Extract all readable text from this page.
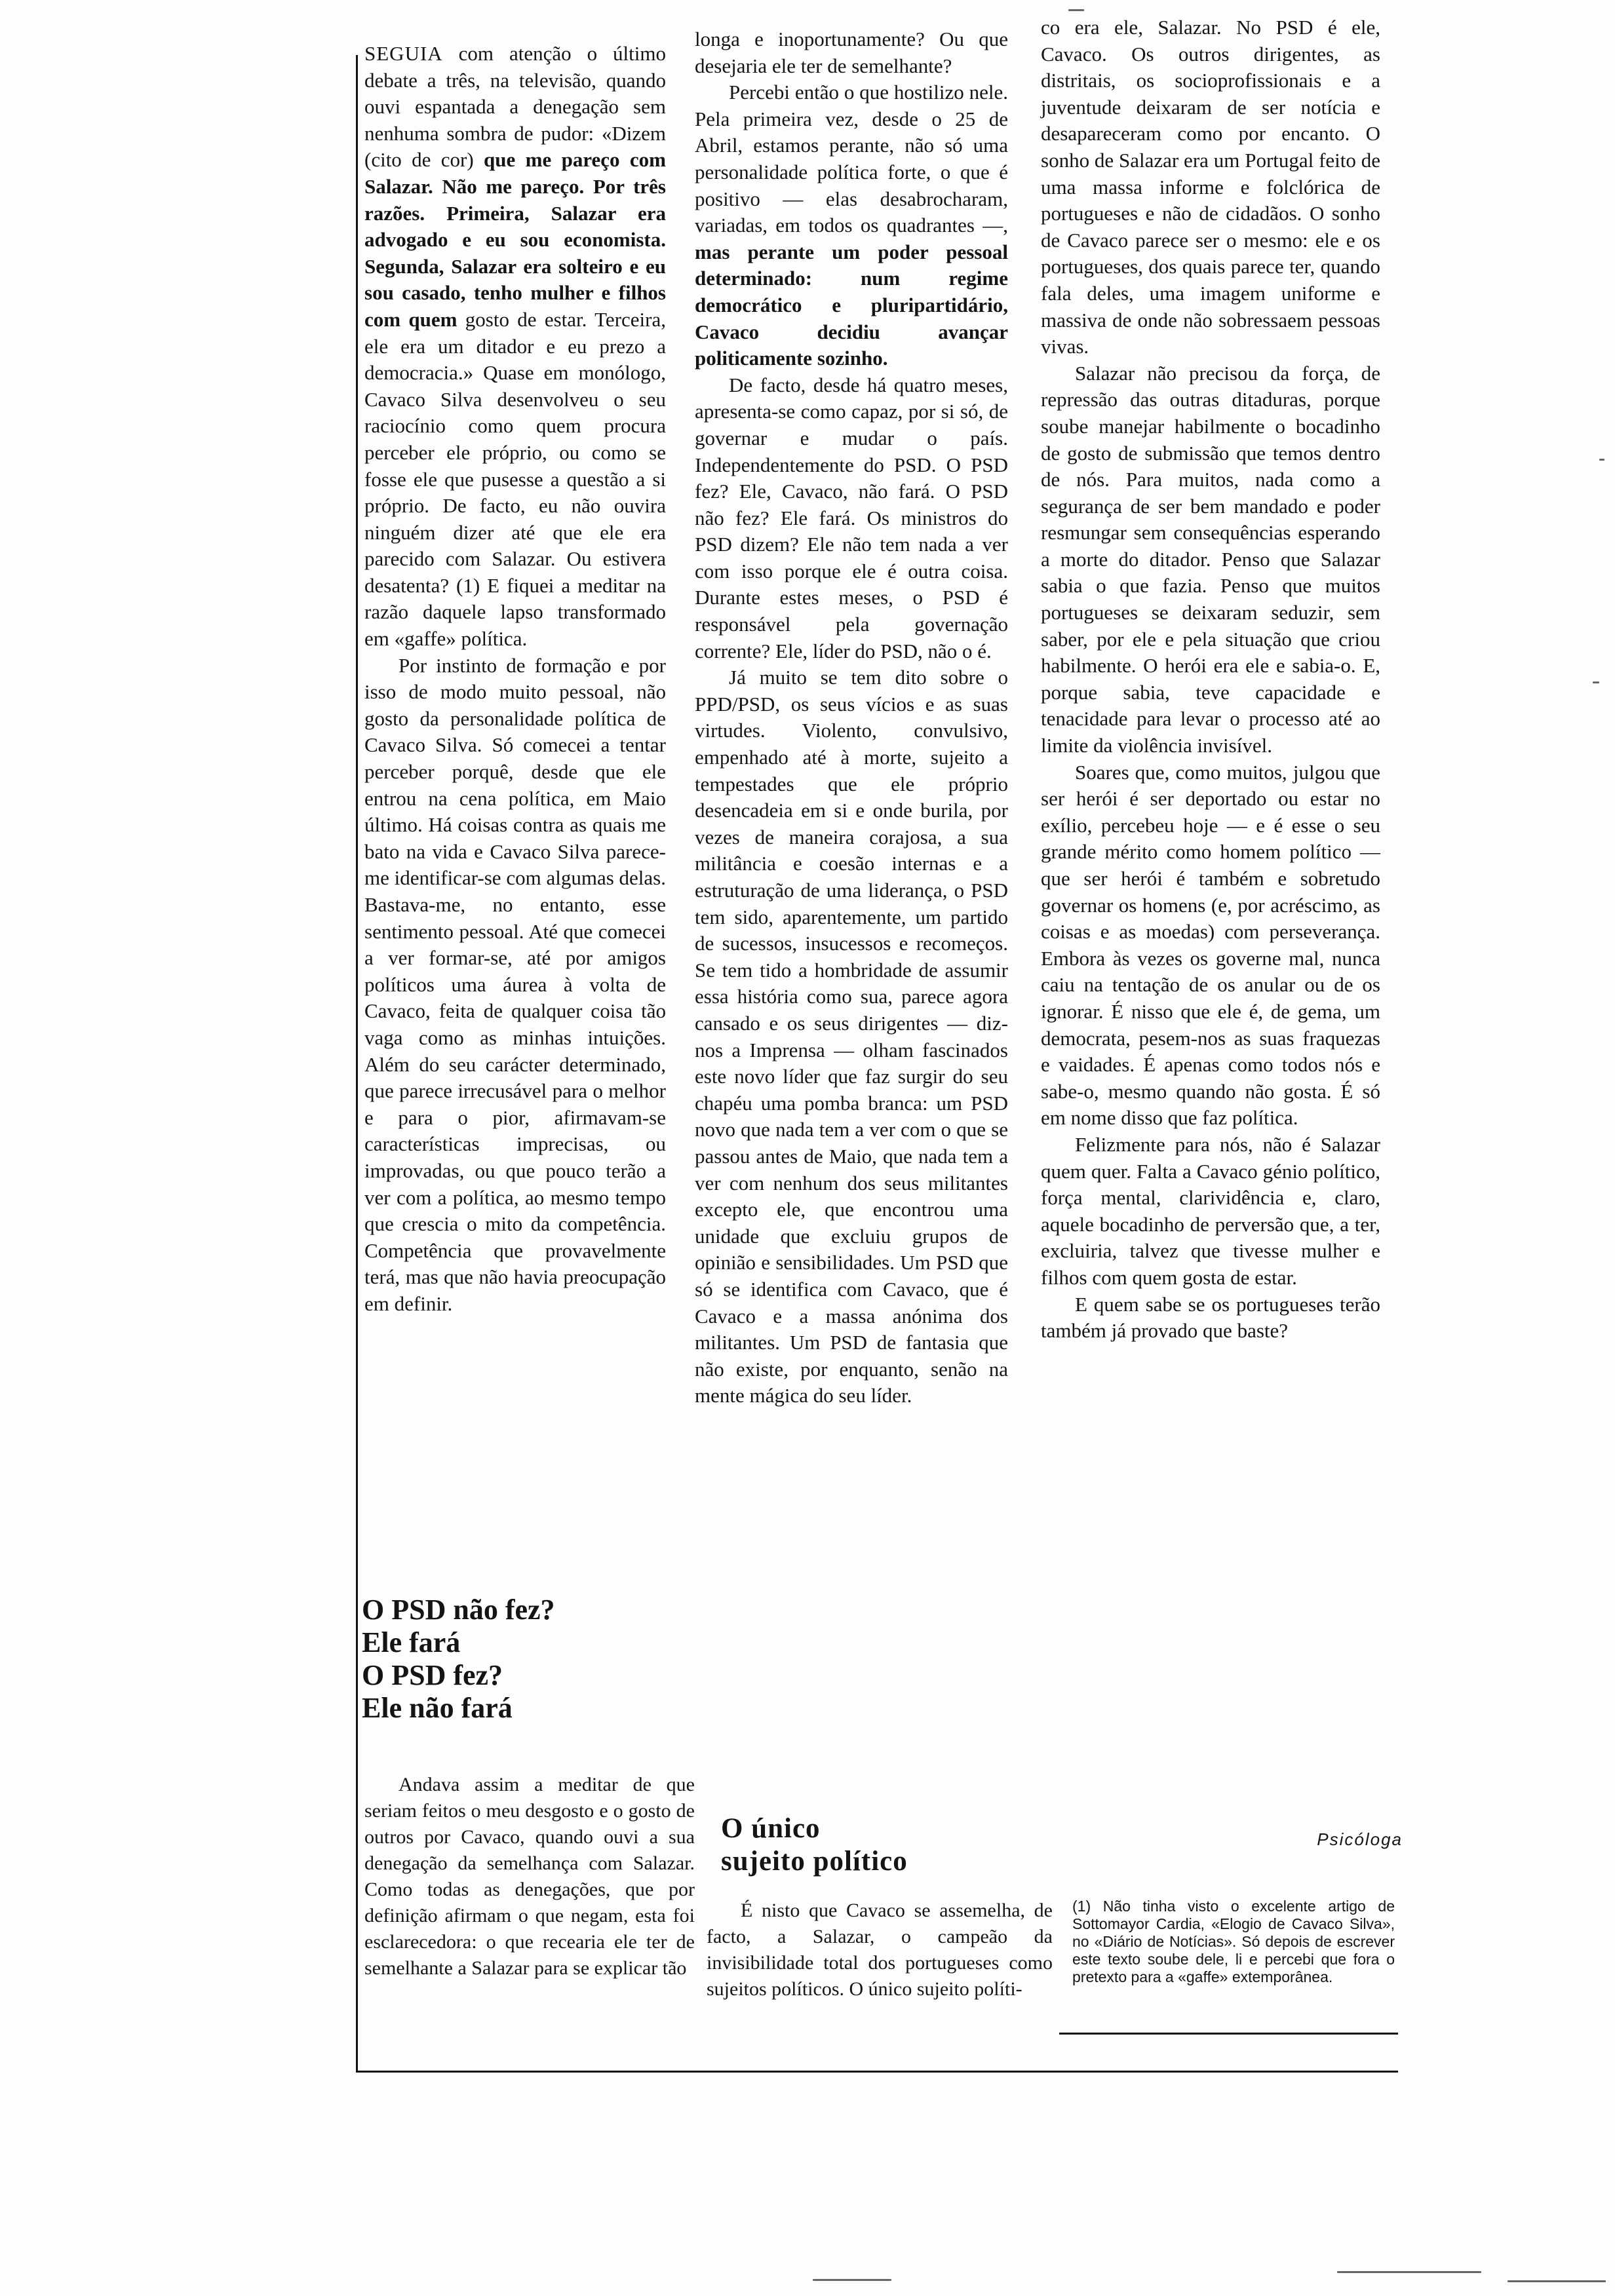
SEGUIA com atenção o último debate a três, na televisão, quando ouvi espantada a denegação sem nenhuma sombra de pudor: «Dizem (cito de cor) que me pareço com Salazar. Não me pareço. Por três razões. Primeira, Salazar era advogado e eu sou economista. Segunda, Salazar era solteiro e eu sou casado, tenho mulher e filhos com quem gosto de estar. Terceira, ele era um ditador e eu prezo a democracia.» Quase em monólogo, Cavaco Silva desenvolveu o seu raciocínio como quem procura perceber ele próprio, ou como se fosse ele que pusesse a questão a si próprio. De facto, eu não ouvira ninguém dizer até que ele era parecido com Salazar. Ou estivera desatenta? (1) E fiquei a meditar na razão daquele lapso transformado em «gaffe» política.

Por instinto de formação e por isso de modo muito pessoal, não gosto da personalidade política de Cavaco Silva. Só comecei a tentar perceber porquê, desde que ele entrou na cena política, em Maio último. Há coisas contra as quais me bato na vida e Cavaco Silva parece-me identificar-se com algumas delas. Bastava-me, no entanto, esse sentimento pessoal. Até que comecei a ver formar-se, até por amigos políticos uma áurea à volta de Cavaco, feita de qualquer coisa tão vaga como as minhas intuições. Além do seu carácter determinado, que parece irrecusável para o melhor e para o pior, afirmavam-se características imprecisas, ou improvadas, ou que pouco terão a ver com a política, ao mesmo tempo que crescia o mito da competência. Competência que provavelmente terá, mas que não havia preocupação em definir.

O PSD não fez?
Ele fará
O PSD fez?
Ele não fará

Andava assim a meditar de que seriam feitos o meu desgosto e o gosto de outros por Cavaco, quando ouvi a sua denegação da semelhança com Salazar. Como todas as denegações, que por definição afirmam o que negam, esta foi esclarecedora: o que recearia ele ter de semelhante a Salazar para se explicar tão

longa e inoportunamente? Ou que desejaria ele ter de semelhante?

Percebi então o que hostilizo nele. Pela primeira vez, desde o 25 de Abril, estamos perante, não só uma personalidade política forte, o que é positivo — elas desabrocharam, variadas, em todos os quadrantes —, mas perante um poder pessoal determinado: num regime democrático e pluripartidário, Cavaco decidiu avançar politicamente sozinho.

De facto, desde há quatro meses, apresenta-se como capaz, por si só, de governar e mudar o país. Independentemente do PSD. O PSD fez? Ele, Cavaco, não fará. O PSD não fez? Ele fará. Os ministros do PSD dizem? Ele não tem nada a ver com isso porque ele é outra coisa. Durante estes meses, o PSD é responsável pela governação corrente? Ele, líder do PSD, não o é.

Já muito se tem dito sobre o PPD/PSD, os seus vícios e as suas virtudes. Violento, convulsivo, empenhado até à morte, sujeito a tempestades que ele próprio desencadeia em si e onde burila, por vezes de maneira corajosa, a sua militância e coesão internas e a estruturação de uma liderança, o PSD tem sido, aparentemente, um partido de sucessos, insucessos e recomeços. Se tem tido a hombridade de assumir essa história como sua, parece agora cansado e os seus dirigentes — diz-nos a Imprensa — olham fascinados este novo líder que faz surgir do seu chapéu uma pomba branca: um PSD novo que nada tem a ver com o que se passou antes de Maio, que nada tem a ver com nenhum dos seus militantes excepto ele, que encontrou uma unidade que excluiu grupos de opinião e sensibilidades. Um PSD que só se identifica com Cavaco, que é Cavaco e a massa anónima dos militantes. Um PSD de fantasia que não existe, por enquanto, senão na mente mágica do seu líder.

O único
sujeito político

É nisto que Cavaco se assemelha, de facto, a Salazar, o campeão da invisibilidade total dos portugueses como sujeitos políticos. O único sujeito políti-

co era ele, Salazar. No PSD é ele, Cavaco. Os outros dirigentes, as distritais, os socioprofissionais e a juventude deixaram de ser notícia e desapareceram como por encanto. O sonho de Salazar era um Portugal feito de uma massa informe e folclórica de portugueses e não de cidadãos. O sonho de Cavaco parece ser o mesmo: ele e os portugueses, dos quais parece ter, quando fala deles, uma imagem uniforme e massiva de onde não sobressaem pessoas vivas.

Salazar não precisou da força, de repressão das outras ditaduras, porque soube manejar habilmente o bocadinho de gosto de submissão que temos dentro de nós. Para muitos, nada como a segurança de ser bem mandado e poder resmungar sem consequências esperando a morte do ditador. Penso que Salazar sabia o que fazia. Penso que muitos portugueses se deixaram seduzir, sem saber, por ele e pela situação que criou habilmente. O herói era ele e sabia-o. E, porque sabia, teve capacidade e tenacidade para levar o processo até ao limite da violência invisível.

Soares que, como muitos, julgou que ser herói é ser deportado ou estar no exílio, percebeu hoje — e é esse o seu grande mérito como homem político — que ser herói é também e sobretudo governar os homens (e, por acréscimo, as coisas e as moedas) com perseverança. Embora às vezes os governe mal, nunca caiu na tentação de os anular ou de os ignorar. É nisso que ele é, de gema, um democrata, pesem-nos as suas fraquezas e vaidades. É apenas como todos nós e sabe-o, mesmo quando não gosta. É só em nome disso que faz política.

Felizmente para nós, não é Salazar quem quer. Falta a Cavaco génio político, força mental, clarividência e, claro, aquele bocadinho de perversão que, a ter, excluiria, talvez que tivesse mulher e filhos com quem gosta de estar.

E quem sabe se os portugueses terão também já provado que baste?

Psicóloga
(1) Não tinha visto o excelente artigo de Sottomayor Cardia, «Elogio de Cavaco Silva», no «Diário de Notícias». Só depois de escrever este texto soube dele, li e percebi que fora o pretexto para a «gaffe» extemporânea.
